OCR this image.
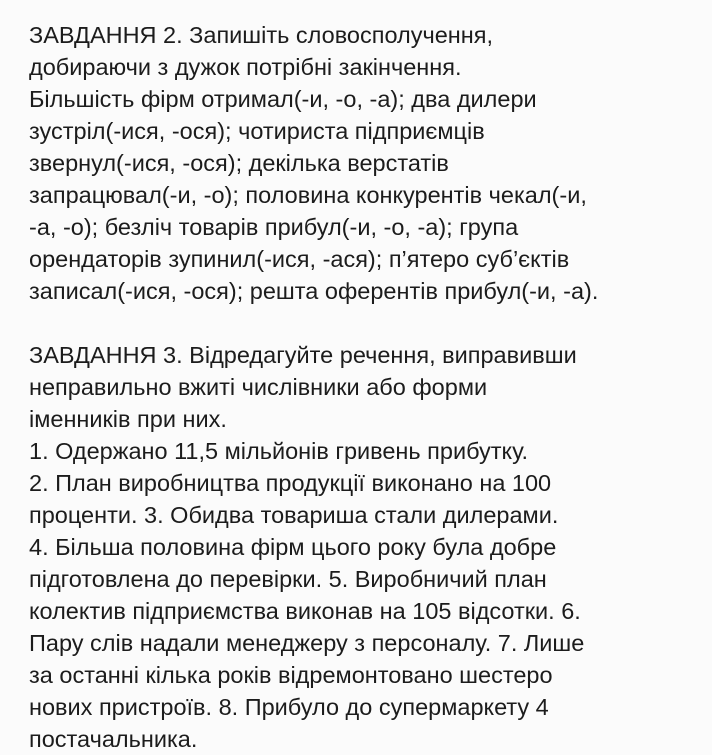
ЗАВДАННЯ 2. Запишіть словосполучення,
добираючи з дужок потрібні закінчення.
Більшість фірм отримал(-и, -о, -а); два дилери
зустріл(-ися, -ося); чотириста підприємців
звернул(-ися, -ося); декілька верстатів
запрацювал(-и, -о); половина конкурентів чекал(-и,
-а, -о); безліч товарів прибул(-и, -о, -а); група
орендаторів зупинил(-ися, -ася); п’ятеро суб’єктів
записал(-ися, -ося); решта оферентів прибул(-и, -а).
ЗАВДАННЯ 3. Відредагуйте речення, виправивши
неправильно вжиті числівники або форми
іменників при них.
1. Одержано 11,5 мільйонів гривень прибутку.
2. План виробництва продукції виконано на 100
проценти. 3. Обидва товариша стали дилерами.
4. Більша половина фірм цього року була добре
підготовлена до перевірки. 5. Виробничий план
колектив підприємства виконав на 105 відсотки. 6.
Пару слів надали менеджеру з персоналу. 7. Лише
за останні кілька років відремонтовано шестеро
нових пристроїв. 8. Прибуло до супермаркету 4
постачальника.
